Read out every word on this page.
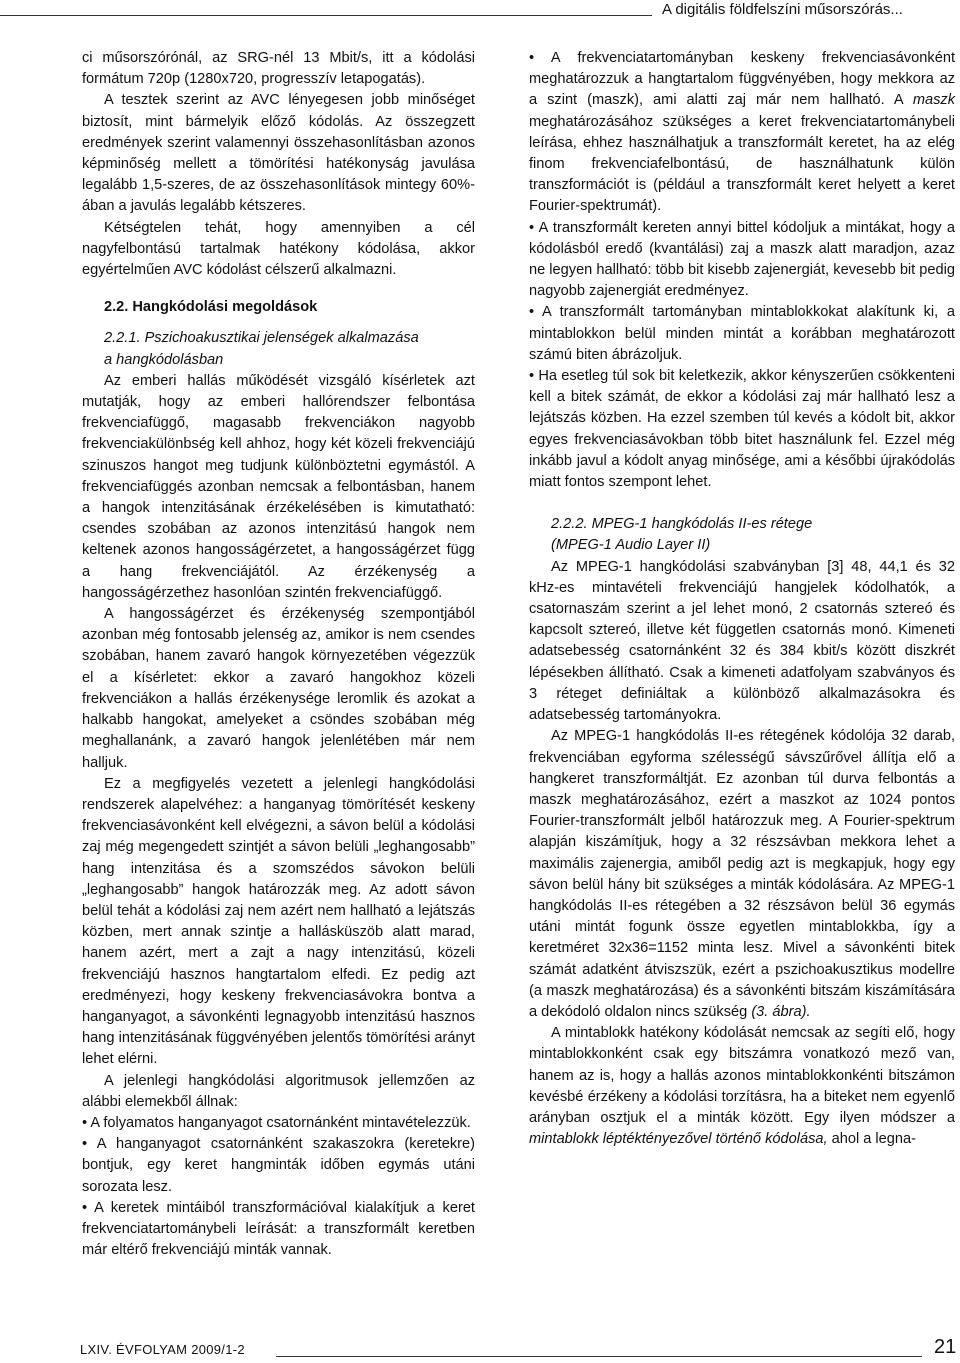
A digitális földfelszíni műsorszórás...

ci műsorszórónál, az SRG-nél 13 Mbit/s, itt a kódolási formátum 720p (1280x720, progresszív letapogatás).

A tesztek szerint az AVC lényegesen jobb minőséget biztosít, mint bármelyik előző kódolás. Az összegzett eredmények szerint valamennyi összehasonlításban azonos képminőség mellett a tömörítési hatékonyság javulása legalább 1,5-szeres, de az összehasonlítások mintegy 60%-ában a javulás legalább kétszeres.

Kétségtelen tehát, hogy amennyiben a cél nagyfelbontású tartalmak hatékony kódolása, akkor egyértelműen AVC kódolást célszerű alkalmazni.

2.2. Hangkódolási megoldások

2.2.1. Pszichoakusztikai jelenségek alkalmazása

a hangkódolásban

Az emberi hallás működését vizsgáló kísérletek azt mutatják, hogy az emberi hallórendszer felbontása frekvenciafüggő, magasabb frekvenciákon nagyobb frekvenciakülönbség kell ahhoz, hogy két közeli frekvenciájú szinuszos hangot meg tudjunk különböztetni egymástól. A frekvenciafüggés azonban nemcsak a felbontásban, hanem a hangok intenzitásának érzékelésében is kimutatható: csendes szobában az azonos intenzitású hangok nem keltenek azonos hangosságérzetet, a hangosságérzet függ a hang frekvenciájától. Az érzékenység a hangosságérzethez hasonlóan szintén frekvenciafüggő.

A hangosságérzet és érzékenység szempontjából azonban még fontosabb jelenség az, amikor is nem csendes szobában, hanem zavaró hangok környezetében végezzük el a kísérletet: ekkor a zavaró hangokhoz közeli frekvenciákon a hallás érzékenysége leromlik és azokat a halkabb hangokat, amelyeket a csöndes szobában még meghallanánk, a zavaró hangok jelenlétében már nem halljuk.

Ez a megfigyelés vezetett a jelenlegi hangkódolási rendszerek alapelvéhez: a hanganyag tömörítését keskeny frekvenciasávonként kell elvégezni, a sávon belül a kódolási zaj még megengedett szintjét a sávon belüli „leghangosabb” hang intenzitása és a szomszédos sávokon belüli „leghangosabb” hangok határozzák meg. Az adott sávon belül tehát a kódolási zaj nem azért nem hallható a lejátszás közben, mert annak szintje a hallásküszöb alatt marad, hanem azért, mert a zajt a nagy intenzitású, közeli frekvenciájú hasznos hangtartalom elfedi. Ez pedig azt eredményezi, hogy keskeny frekvenciasávokra bontva a hanganyagot, a sávonkénti legnagyobb intenzitású hasznos hang intenzitásának függvényében jelentős tömörítési arányt lehet elérni.

A jelenlegi hangkódolási algoritmusok jellemzően az alábbi elemekből állnak:

• A folyamatos hanganyagot csatornánként mintavételezzük.

• A hanganyagot csatornánként szakaszokra (keretekre) bontjuk, egy keret hangminták időben egymás utáni sorozata lesz.

• A keretek mintáiból transzformációval kialakítjuk a keret frekvenciatartománybeli leírását: a transzformált keretben már eltérő frekvenciájú minták vannak.

• A frekvenciatartományban keskeny frekvenciasávonként meghatározzuk a hangtartalom függvényében, hogy mekkora az a szint (maszk), ami alatti zaj már nem hallható. A maszk meghatározásához szükséges a keret frekvenciatartománybeli leírása, ehhez használhatjuk a transzformált keretet, ha az elég finom frekvenciafelbontású, de használhatunk külön transzformációt is (például a transzformált keret helyett a keret Fourier-spektrumát).

• A transzformált kereten annyi bittel kódoljuk a mintákat, hogy a kódolásból eredő (kvantálási) zaj a maszk alatt maradjon, azaz ne legyen hallható: több bit kisebb zajenergiát, kevesebb bit pedig nagyobb zajenergiát eredményez.

• A transzformált tartományban mintablokkokat alakítunk ki, a mintablokkon belül minden mintát a korábban meghatározott számú biten ábrázoljuk.

• Ha esetleg túl sok bit keletkezik, akkor kényszerűen csökkenteni kell a bitek számát, de ekkor a kódolási zaj már hallható lesz a lejátszás közben. Ha ezzel szemben túl kevés a kódolt bit, akkor egyes frekvenciasávokban több bitet használunk fel. Ezzel még inkább javul a kódolt anyag minősége, ami a későbbi újrakódolás miatt fontos szempont lehet.

2.2.2. MPEG-1 hangkódolás II-es rétege

(MPEG-1 Audio Layer II)

Az MPEG-1 hangkódolási szabványban [3] 48, 44,1 és 32 kHz-es mintavételi frekvenciájú hangjelek kódolhatók, a csatornaszám szerint a jel lehet monó, 2 csatornás sztereó és kapcsolt sztereó, illetve két független csatornás monó. Kimeneti adatsebesség csatornánként 32 és 384 kbit/s között diszkrét lépésekben állítható. Csak a kimeneti adatfolyam szabványos és 3 réteget definiáltak a különböző alkalmazásokra és adatsebesség tartományokra.

Az MPEG-1 hangkódolás II-es rétegének kódolója 32 darab, frekvenciában egyforma szélességű sávszűrővel állítja elő a hangkeret transzformáltját. Ez azonban túl durva felbontás a maszk meghatározásához, ezért a maszkot az 1024 pontos Fourier-transzformált jelből határozzuk meg. A Fourier-spektrum alapján kiszámítjuk, hogy a 32 részsávban mekkora lehet a maximális zajenergia, amiből pedig azt is megkapjuk, hogy egy sávon belül hány bit szükséges a minták kódolására. Az MPEG-1 hangkódolás II-es rétegében a 32 részsávon belül 36 egymás utáni mintát fogunk össze egyetlen mintablokkba, így a keretméret 32x36=1152 minta lesz. Mivel a sávonkénti bitek számát adatként átviszszük, ezért a pszichoakusztikus modellre (a maszk meghatározása) és a sávonkénti bitszám kiszámítására a dekódoló oldalon nincs szükség (3. ábra).

A mintablokk hatékony kódolását nemcsak az segíti elő, hogy mintablokkonként csak egy bitszámra vonatkozó mező van, hanem az is, hogy a hallás azonos mintablokkonkénti bitszámon kevésbé érzékeny a kódolási torzításra, ha a biteket nem egyenlő arányban osztjuk el a minták között. Egy ilyen módszer a mintablokk léptéktényezővel történő kódolása, ahol a legna-

LXIV. ÉVFOLYAM 2009/1-2	21
